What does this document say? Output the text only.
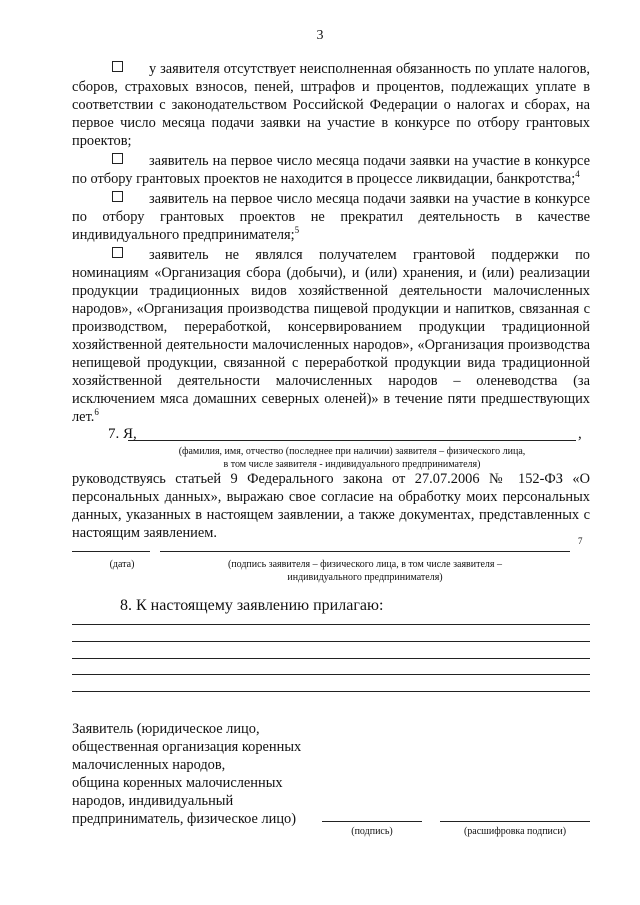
3

у заявителя отсутствует неисполненная обязанность по уплате налогов, сборов, страховых взносов, пеней, штрафов и процентов, подлежащих уплате в соответствии с законодательством Российской Федерации о налогах и сборах, на первое число месяца подачи заявки на участие в конкурсе по отбору грантовых проектов;

заявитель на первое число месяца подачи заявки на участие в конкурсе по отбору грантовых проектов не находится в процессе ликвидации, банкротства;$^4$

заявитель на первое число месяца подачи заявки на участие в конкурсе по отбору грантовых проектов не прекратил деятельность в качестве индивидуального предпринимателя;$^5$

заявитель не являлся получателем грантовой поддержки по номинациям «Организация сбора (добычи), и (или) хранения, и (или) реализации продукции традиционных видов хозяйственной деятельности малочисленных народов», «Организация производства пищевой продукции и напитков, связанная с производством, переработкой, консервированием продукции традиционной хозяйственной деятельности малочисленных народов», «Организация производства непищевой продукции, связанной с переработкой продукции вида традиционной хозяйственной деятельности малочисленных народов – оленеводства (за исключением мяса домашних северных оленей)» в течение пяти предшествующих лет.$^6$

7. Я,	,
(фамилия, имя, отчество (последнее при наличии) заявителя – физического лица,
в том числе заявителя - индивидуального предпринимателя)
руководствуясь статьей 9 Федерального закона от 27.07.2006 № 152-ФЗ «О персональных данных», выражаю свое согласие на обработку моих персональных данных, указанных в настоящем заявлении, а также документах, представленных с настоящим заявлением.	7
(дата)	(подпись заявителя – физического лица, в том числе заявителя –
индивидуального предпринимателя)
8. К настоящему заявлению прилагаю:
Заявитель (юридическое лицо,
общественная организация коренных
малочисленных народов,
община коренных малочисленных
народов, индивидуальный
предприниматель, физическое лицо)
(подпись)	(расшифровка подписи)
